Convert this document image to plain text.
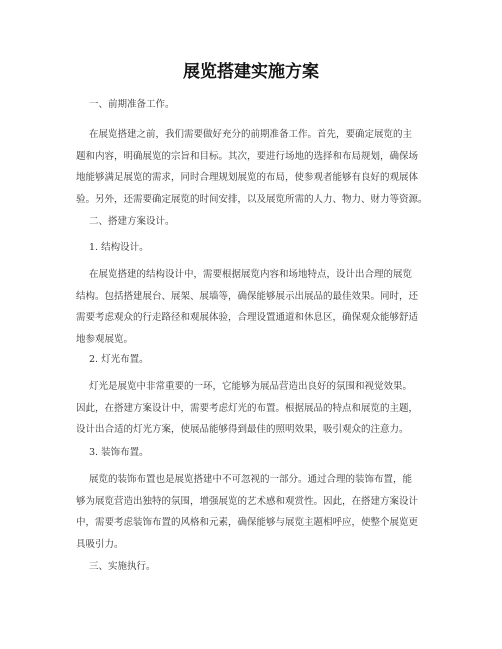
展览搭建实施方案
一、前期准备工作。
在展览搭建之前，我们需要做好充分的前期准备工作。首先，要确定展览的主
题和内容，明确展览的宗旨和目标。其次，要进行场地的选择和布局规划，确保场
地能够满足展览的需求，同时合理规划展览的布局，使参观者能够有良好的观展体
验。另外，还需要确定展览的时间安排，以及展览所需的人力、物力、财力等资源。
二、搭建方案设计。
1. 结构设计。
在展览搭建的结构设计中，需要根据展览内容和场地特点，设计出合理的展览
结构。包括搭建展台、展架、展墙等，确保能够展示出展品的最佳效果。同时，还
需要考虑观众的行走路径和观展体验，合理设置通道和休息区，确保观众能够舒适
地参观展览。
2. 灯光布置。
灯光是展览中非常重要的一环，它能够为展品营造出良好的氛围和视觉效果。
因此，在搭建方案设计中，需要考虑灯光的布置。根据展品的特点和展览的主题，
设计出合适的灯光方案，使展品能够得到最佳的照明效果，吸引观众的注意力。
3. 装饰布置。
展览的装饰布置也是展览搭建中不可忽视的一部分。通过合理的装饰布置，能
够为展览营造出独特的氛围，增强展览的艺术感和观赏性。因此，在搭建方案设计
中，需要考虑装饰布置的风格和元素，确保能够与展览主题相呼应，使整个展览更
具吸引力。
三、实施执行。
